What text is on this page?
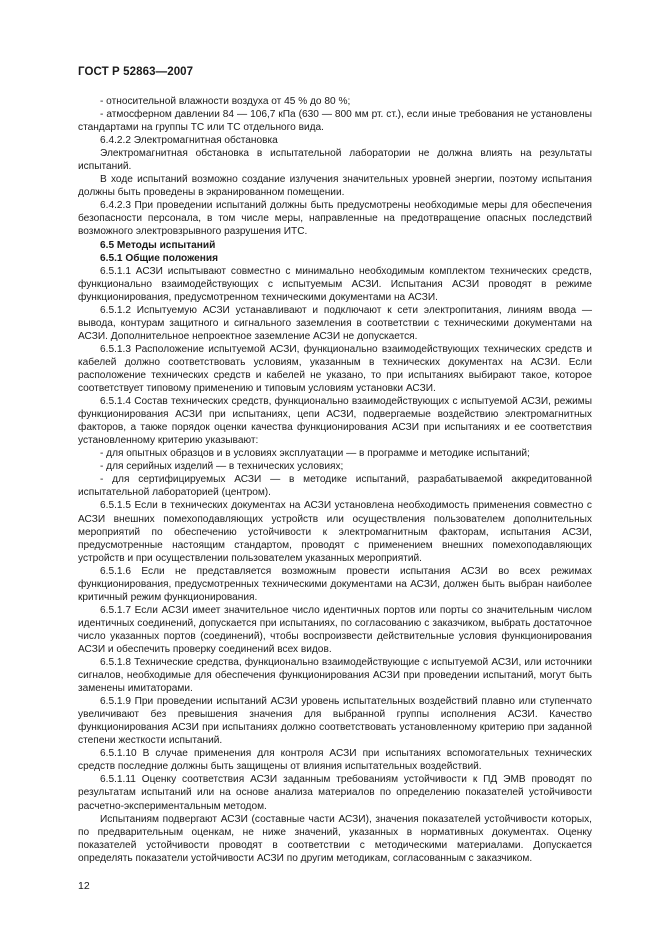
ГОСТ Р 52863—2007

- относительной влажности воздуха от 45 % до 80 %;

- атмосферном давлении 84 — 106,7 кПа (630 — 800 мм рт. ст.), если иные требования не установлены стандартами на группы ТС или ТС отдельного вида.

6.4.2.2 Электромагнитная обстановка

Электромагнитная обстановка в испытательной лаборатории не должна влиять на результаты испытаний.

В ходе испытаний возможно создание излучения значительных уровней энергии, поэтому испытания должны быть проведены в экранированном помещении.

6.4.2.3 При проведении испытаний должны быть предусмотрены необходимые меры для обеспечения безопасности персонала, в том числе меры, направленные на предотвращение опасных последствий возможного электровзрывного разрушения ИТС.

6.5 Методы испытаний

6.5.1 Общие положения

6.5.1.1 АСЗИ испытывают совместно с минимально необходимым комплектом технических средств, функционально взаимодействующих с испытуемым АСЗИ. Испытания АСЗИ проводят в режиме функционирования, предусмотренном техническими документами на АСЗИ.

6.5.1.2 Испытуемую АСЗИ устанавливают и подключают к сети электропитания, линиям ввода — вывода, контурам защитного и сигнального заземления в соответствии с техническими документами на АСЗИ. Дополнительное непроектное заземление АСЗИ не допускается.

6.5.1.3 Расположение испытуемой АСЗИ, функционально взаимодействующих технических средств и кабелей должно соответствовать условиям, указанным в технических документах на АСЗИ. Если расположение технических средств и кабелей не указано, то при испытаниях выбирают такое, которое соответствует типовому применению и типовым условиям установки АСЗИ.

6.5.1.4 Состав технических средств, функционально взаимодействующих с испытуемой АСЗИ, режимы функционирования АСЗИ при испытаниях, цепи АСЗИ, подвергаемые воздействию электромагнитных факторов, а также порядок оценки качества функционирования АСЗИ при испытаниях и ее соответствия установленному критерию указывают:

- для опытных образцов и в условиях эксплуатации — в программе и методике испытаний;

- для серийных изделий — в технических условиях;

- для сертифицируемых АСЗИ — в методике испытаний, разрабатываемой аккредитованной испытательной лабораторией (центром).

6.5.1.5 Если в технических документах на АСЗИ установлена необходимость применения совместно с АСЗИ внешних помехоподавляющих устройств или осуществления пользователем дополнительных мероприятий по обеспечению устойчивости к электромагнитным факторам, испытания АСЗИ, предусмотренные настоящим стандартом, проводят с применением внешних помехоподавляющих устройств и при осуществлении пользователем указанных мероприятий.

6.5.1.6 Если не представляется возможным провести испытания АСЗИ во всех режимах функционирования, предусмотренных техническими документами на АСЗИ, должен быть выбран наиболее критичный режим функционирования.

6.5.1.7 Если АСЗИ имеет значительное число идентичных портов или порты со значительным числом идентичных соединений, допускается при испытаниях, по согласованию с заказчиком, выбрать достаточное число указанных портов (соединений), чтобы воспроизвести действительные условия функционирования АСЗИ и обеспечить проверку соединений всех видов.

6.5.1.8 Технические средства, функционально взаимодействующие с испытуемой АСЗИ, или источники сигналов, необходимые для обеспечения функционирования АСЗИ при проведении испытаний, могут быть заменены имитаторами.

6.5.1.9 При проведении испытаний АСЗИ уровень испытательных воздействий плавно или ступенчато увеличивают без превышения значения для выбранной группы исполнения АСЗИ. Качество функционирования АСЗИ при испытаниях должно соответствовать установленному критерию при заданной степени жесткости испытаний.

6.5.1.10 В случае применения для контроля АСЗИ при испытаниях вспомогательных технических средств последние должны быть защищены от влияния испытательных воздействий.

6.5.1.11 Оценку соответствия АСЗИ заданным требованиям устойчивости к ПД ЭМВ проводят по результатам испытаний или на основе анализа материалов по определению показателей устойчивости расчетно-экспериментальным методом.

Испытаниям подвергают АСЗИ (составные части АСЗИ), значения показателей устойчивости которых, по предварительным оценкам, не ниже значений, указанных в нормативных документах. Оценку показателей устойчивости проводят в соответствии с методическими материалами. Допускается определять показатели устойчивости АСЗИ по другим методикам, согласованным с заказчиком.

12
